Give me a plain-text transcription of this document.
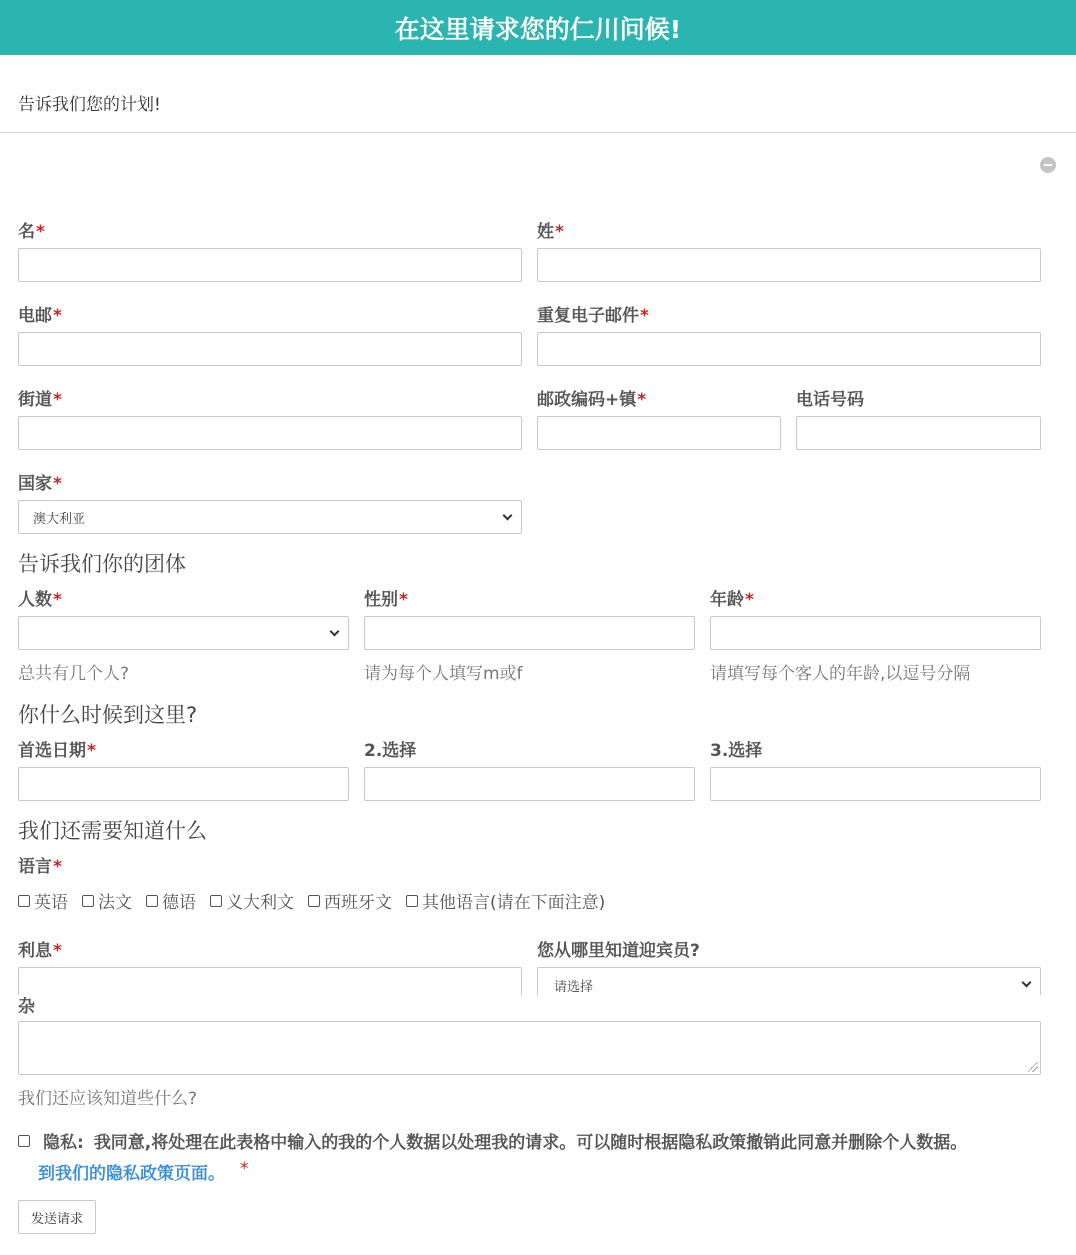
在这里请求您的仁川问候!
告诉我们您的计划!
名*	姓*
电邮*	重复电子邮件*
街道*	邮政编码+镇*	电话号码
国家*
澳大利亚
告诉我们你的团体
人数*	性别*	年龄*
总共有几个人?	请为每个人填写m或f	请填写每个客人的年龄,以逗号分隔
你什么时候到这里?
首选日期*	2.选择	3.选择
我们还需要知道什么
语言*
英语 法文 德语 义大利文 西班牙文 其他语言(请在下面注意)
利息*	您从哪里知道迎宾员?
请选择
杂
我们还应该知道些什么?
隐私: 我同意,将处理在此表格中输入的我的个人数据以处理我的请求。可以随时根据隐私政策撤销此同意并删除个人数据。
到我们的隐私政策页面。 *
发送请求
